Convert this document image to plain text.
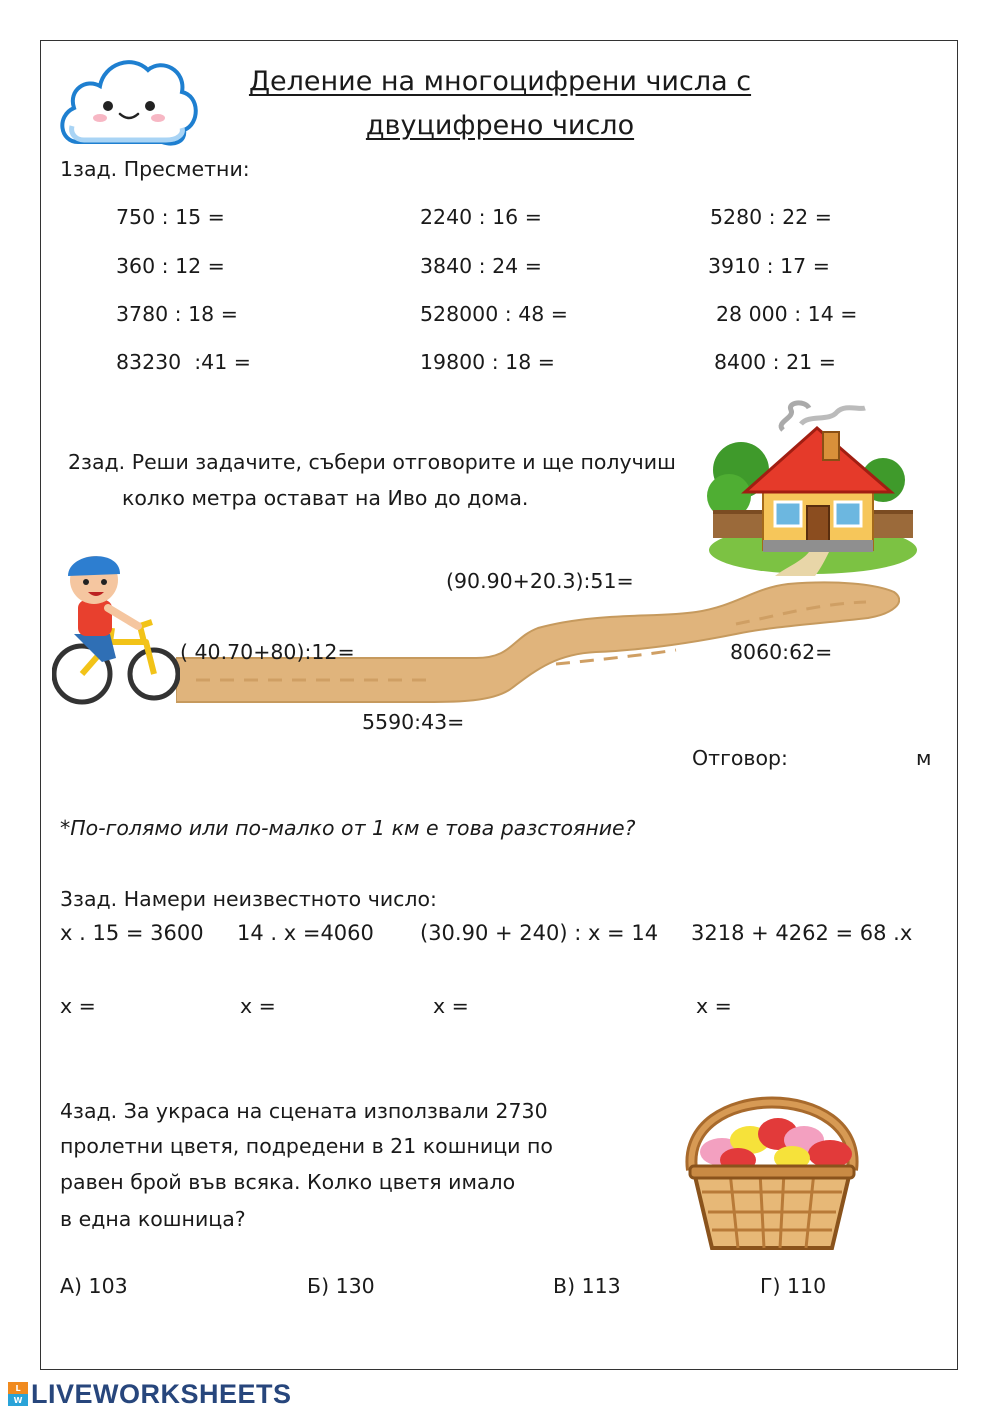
Деление на многоцифрени числа с
двуцифрено число
1зад. Пресметни:
750 : 15 =	2240 : 16 =	5280 : 22 =
360 : 12 =	3840 : 24 =	3910 : 17 =
3780 : 18 =	528000 : 48 =	28 000 : 14 =
83230  :41 =	19800 : 18 =	8400 : 21 =
2зад. Реши задачите, събери отговорите и ще получиш
колко метра остават на Иво до дома.
(90.90+20.3):51=
( 40.70+80):12=	8060:62=
5590:43=
Отговор:	м
*По-голямо или по-малко от 1 км е това разстояние?
3зад. Намери неизвестното число:
x . 15 = 3600 14 . x =4060 (30.90 + 240) : x = 14 3218 + 4262 = 68 .x
x =	x =	x =	x =
4зад. За украса на сцената използвали 2730
пролетни цветя, подредени в 21 кошници по
равен брой във всяка. Колко цветя имало
в една кошница?
А) 103	Б) 130	В) 113	Г) 110
L
W LIVEWORKSHEETS
